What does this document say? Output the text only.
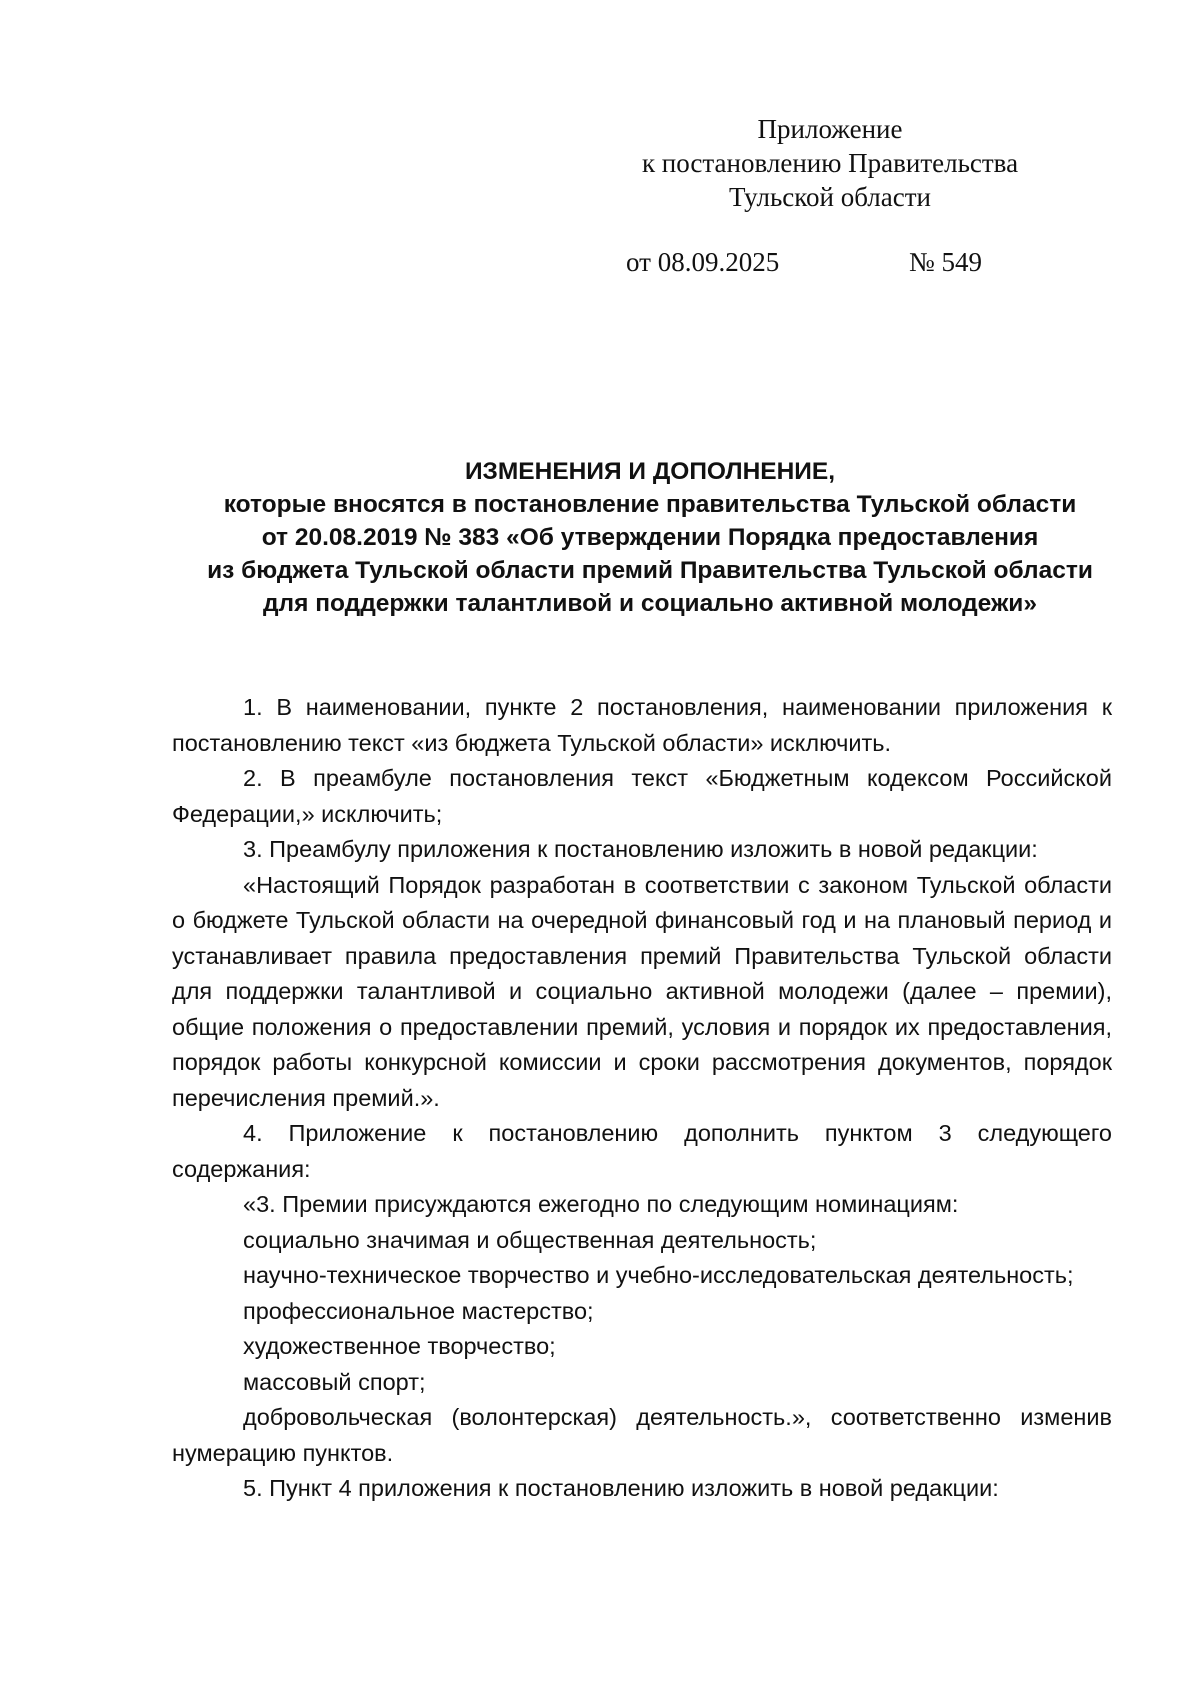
Приложение
к постановлению Правительства
Тульской области
от 08.09.2025	№ 549
ИЗМЕНЕНИЯ И ДОПОЛНЕНИЕ,
которые вносятся в постановление правительства Тульской области
от 20.08.2019 № 383 «Об утверждении Порядка предоставления
из бюджета Тульской области премий Правительства Тульской области
для поддержки талантливой и социально активной молодежи»

1. В наименовании, пункте 2 постановления, наименовании приложения к постановлению текст «из бюджета Тульской области» исключить.

2. В преамбуле постановления текст «Бюджетным кодексом Российской Федерации,» исключить;

3. Преамбулу приложения к постановлению изложить в новой редакции:

«Настоящий Порядок разработан в соответствии с законом Тульской области о бюджете Тульской области на очередной финансовый год и на плановый период и устанавливает правила предоставления премий Правительства Тульской области для поддержки талантливой и социально активной молодежи (далее – премии), общие положения о предоставлении премий, условия и порядок их предоставления, порядок работы конкурсной комиссии и сроки рассмотрения документов, порядок перечисления премий.».

4. Приложение к постановлению дополнить пунктом 3 следующего содержания:

«3. Премии присуждаются ежегодно по следующим номинациям:

социально значимая и общественная деятельность;

научно-техническое творчество и учебно-исследовательская деятельность;

профессиональное мастерство;

художественное творчество;

массовый спорт;

добровольческая (волонтерская) деятельность.», соответственно изменив нумерацию пунктов.

5. Пункт 4 приложения к постановлению изложить в новой редакции:
